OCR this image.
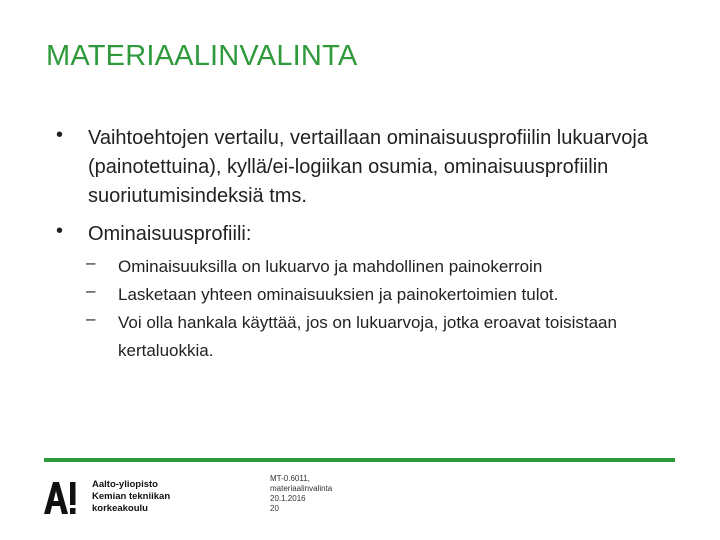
MATERIAALINVALINTA
• Vaihtoehtojen vertailu, vertaillaan ominaisuusprofiilin lukuarvoja (painotettuina), kyllä/ei-logiikan osumia, ominaisuusprofiilin suoriutumisindeksiä tms.
• Ominaisuusprofiili:
– Ominaisuuksilla on lukuarvo ja mahdollinen painokerroin
– Lasketaan yhteen ominaisuuksien ja painokertoimien tulot.
– Voi olla hankala käyttää, jos on lukuarvoja, jotka eroavat toisistaan kertaluokkia.
Aalto-yliopisto
Kemian tekniikan
korkeakoulu
MT-0.6011,
materiaalinvalinta
20.1.2016
20
